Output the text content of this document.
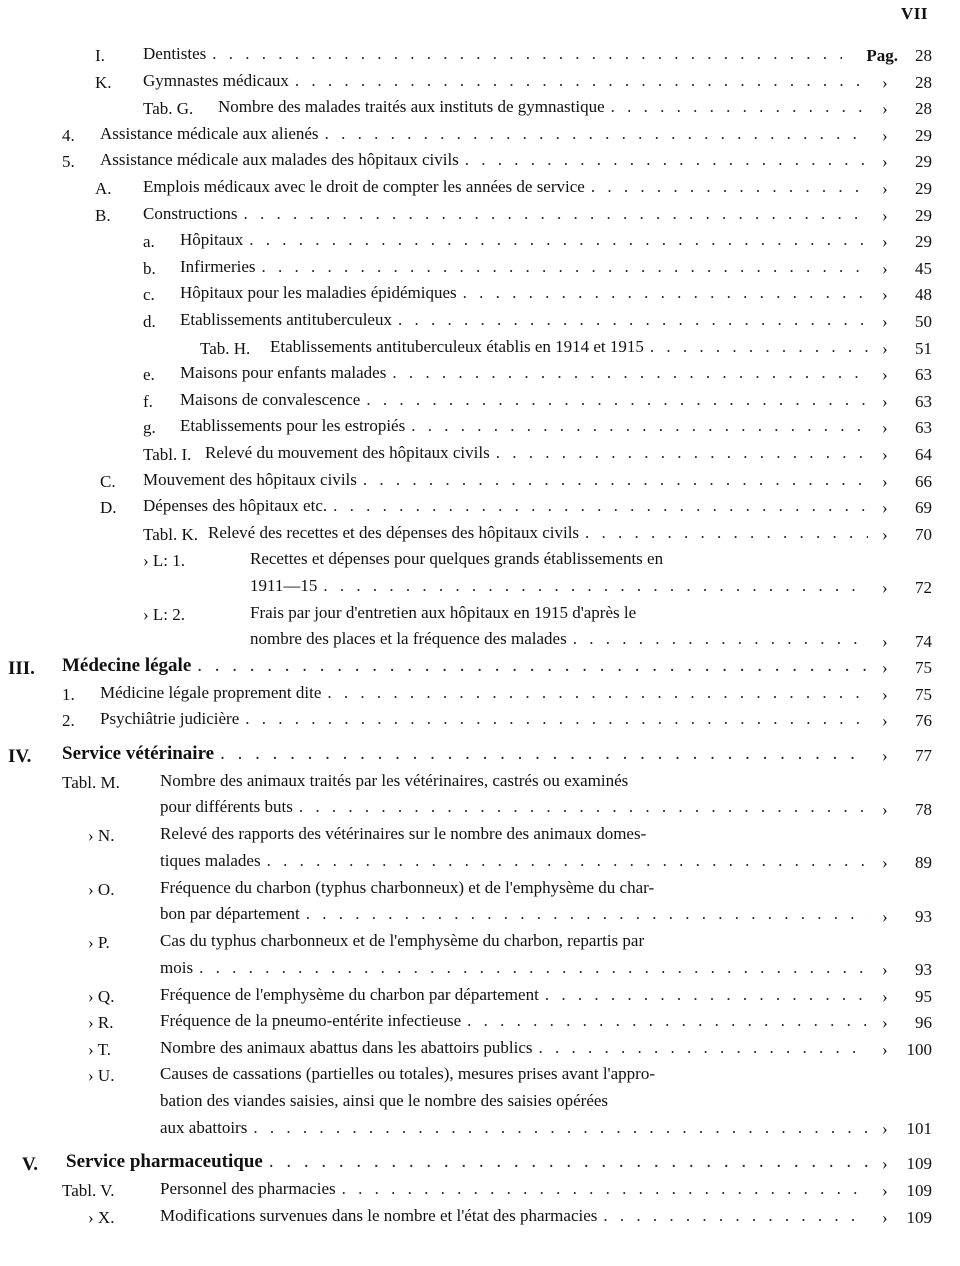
VII
I. Dentistes . . .	Pag.	28
K. Gymnastes médicaux . . .	›	28
Tab. G. Nombre des malades traités aux instituts de gymnastique . . .	›	28
4. Assistance médicale aux alienés . . .	›	29
5. Assistance médicale aux malades des hôpitaux civils . . .	›	29
A. Emplois médicaux avec le droit de compter les années de service . . .	›	29
B. Constructions . . .	›	29
a. Hôpitaux . . .	›	29
b. Infirmeries . . .	›	45
c. Hôpitaux pour les maladies épidémiques . . .	›	48
d. Etablissements antituberculeux . . .	›	50
Tab. H. Etablissements antituberculeux établis en 1914 et 1915 . . .	›	51
e. Maisons pour enfants malades . . .	›	63
f. Maisons de convalescence . . .	›	63
g. Etablissements pour les estropiés . . .	›	63
Tabl. I. Relevé du mouvement des hôpitaux civils . . .	›	64
C. Mouvement des hôpitaux civils . . .	›	66
D. Dépenses des hôpitaux etc. . . .	›	69
Tabl. K. Relevé des recettes et des dépenses des hôpitaux civils . . .	›	70
› L: 1.	Recettes et dépenses pour quelques grands établissements en
1911—15 . . .	›	72
› L: 2.	Frais par jour d'entretien aux hôpitaux en 1915 d'après le
nombre des places et la fréquence des malades . . .	›	74
III. Médecine légale . . .	›	75
1. Médicine légale proprement dite . . .	›	75
2. Psychiâtrie judicière . . .	›	76
IV. Service vétérinaire . . .	›	77
Tabl. M. Nombre des animaux traités par les vétérinaires, castrés ou examinés
pour différents buts . . .	›	78
› N.	Relevé des rapports des vétérinaires sur le nombre des animaux domes-
tiques malades . . .	›	89
› O.	Fréquence du charbon (typhus charbonneux) et de l'emphysème du char-
bon par département . . .	›	93
› P.	Cas du typhus charbonneux et de l'emphysème du charbon, repartis par
mois . . .	›	93
› Q.	Fréquence de l'emphysème du charbon par département . . .	›	95
› R.	Fréquence de la pneumo-entérite infectieuse . . .	›	96
› T.	Nombre des animaux abattus dans les abattoirs publics . . .	›	100
› U.	Causes de cassations (partielles ou totales), mesures prises avant l'appro-
bation des viandes saisies, ainsi que le nombre des saisies opérées
aux abattoirs . . .	›	101
V. Service pharmaceutique . . .	›	109
Tabl. V.	Personnel des pharmacies . . .	›	109
› X.	Modifications survenues dans le nombre et l'état des pharmacies . . .	›	109
